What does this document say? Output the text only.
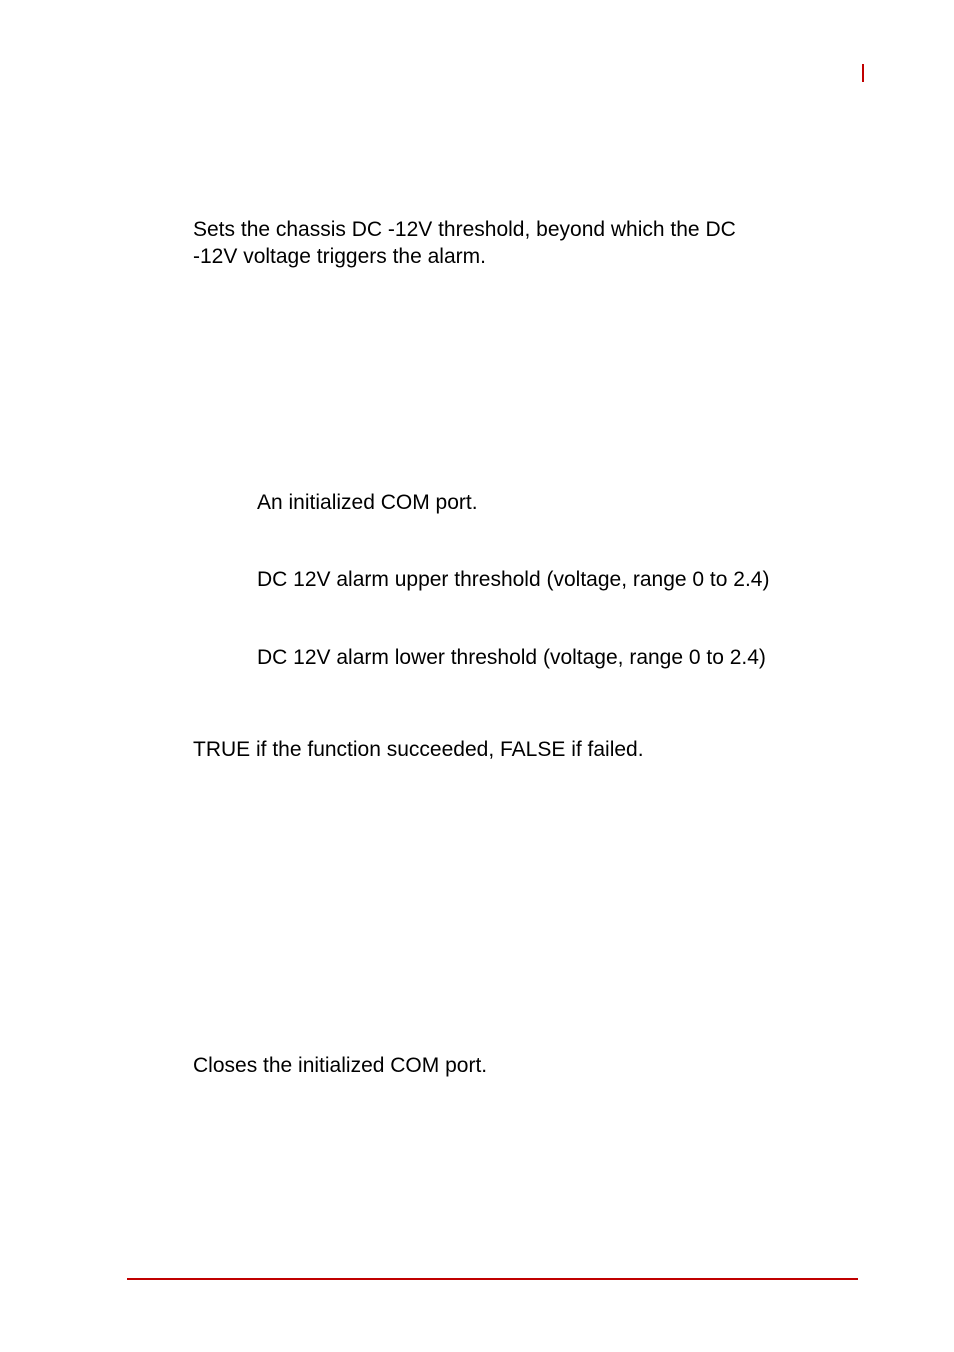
Sets the chassis DC -12V threshold, beyond which the DC
-12V voltage triggers the alarm.
An initialized COM port.
DC 12V alarm upper threshold (voltage, range 0 to 2.4)
DC 12V alarm lower threshold (voltage, range 0 to 2.4)
TRUE if the function succeeded, FALSE if failed.
Closes the initialized COM port.
